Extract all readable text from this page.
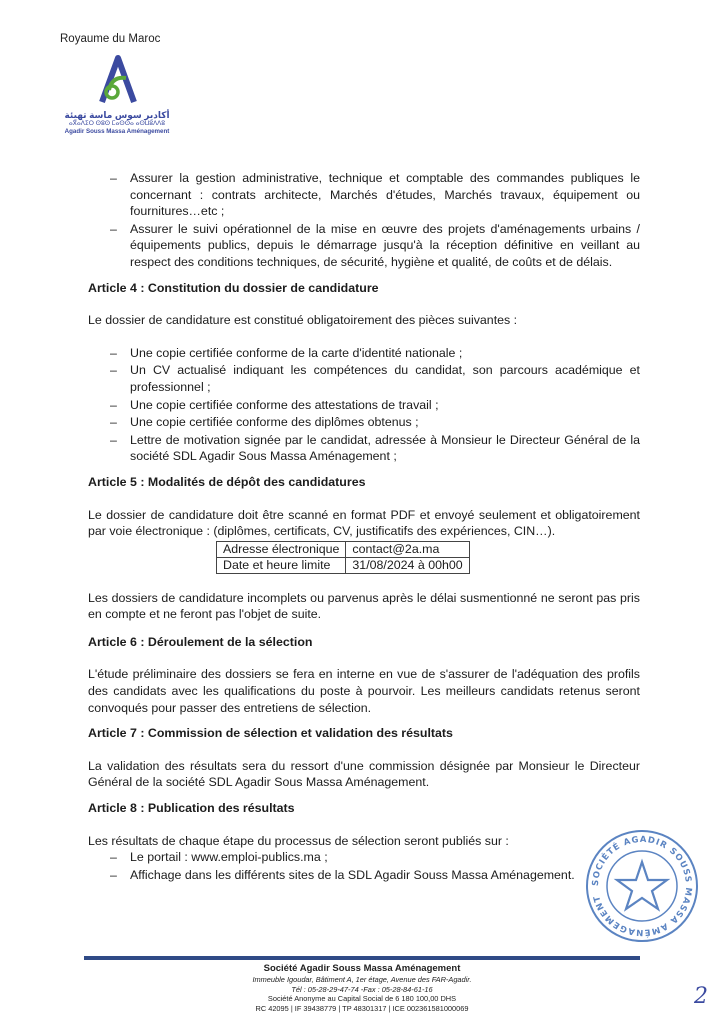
Royaume du Maroc
أكادير سوس ماسة تهيئة
ⴰⴳⴰⴷⵉⵔ ⵙⵓⵙ ⵎⴰⵙⵙⴰ ⴰⵙⵡⵓⴷⴷⵓ
Agadir Souss Massa Aménagement
– Assurer la gestion administrative, technique et comptable des commandes publiques le concernant : contrats architecte, Marchés d'études, Marchés travaux, équipement ou fournitures…etc ;
– Assurer le suivi opérationnel de la mise en œuvre des projets d'aménagements urbains / équipements publics, depuis le démarrage jusqu'à la réception définitive en veillant au respect des conditions techniques, de sécurité, hygiène et qualité, de coûts et de délais.
Article 4 : Constitution du dossier de candidature

Le dossier de candidature est constitué obligatoirement des pièces suivantes :

– Une copie certifiée conforme de la carte d'identité nationale ;
– Un CV actualisé indiquant les compétences du candidat, son parcours académique et professionnel ;
– Une copie certifiée conforme des attestations de travail ;
– Une copie certifiée conforme des diplômes obtenus ;
– Lettre de motivation signée par le candidat, adressée à Monsieur le Directeur Général de la société SDL Agadir Sous Massa Aménagement ;
Article 5 : Modalités de dépôt des candidatures

Le dossier de candidature doit être scanné en format PDF et envoyé seulement et obligatoirement par voie électronique : (diplômes, certificats, CV, justificatifs des expériences, CIN…).

Adresse électronique	contact@2a.ma
Date et heure limite	31/08/2024 à 00h00

Les dossiers de candidature incomplets ou parvenus après le délai susmentionné ne seront pas pris en compte et ne feront pas l'objet de suite.

Article 6 : Déroulement de la sélection

L'étude préliminaire des dossiers se fera en interne en vue de s'assurer de l'adéquation des profils des candidats avec les qualifications du poste à pourvoir. Les meilleurs candidats retenus seront convoqués pour passer des entretiens de sélection.

Article 7 : Commission de sélection et validation des résultats

La validation des résultats sera du ressort d'une commission désignée par Monsieur le Directeur Général de la société SDL Agadir Sous Massa Aménagement.

Article 8 : Publication des résultats

Les résultats de chaque étape du processus de sélection seront publiés sur :

– Le portail : www.emploi-publics.ma ;
– Affichage dans les différents sites de la SDL Agadir Souss Massa Aménagement.
SOCIÉTÉ AGADIR SOUSS MASSA AMÉNAGEMENT
Société Agadir Souss Massa Aménagement
Immeuble Igoudar, Bâtiment A, 1er étage, Avenue des FAR-Agadir.
Tél : 05-28-29-47-74 -Fax : 05-28-84-61-16
Société Anonyme au Capital Social de 6 180 100,00 DHS
RC 42095 | IF 39438779 | TP 48301317 | ICE 002361581000069	2
